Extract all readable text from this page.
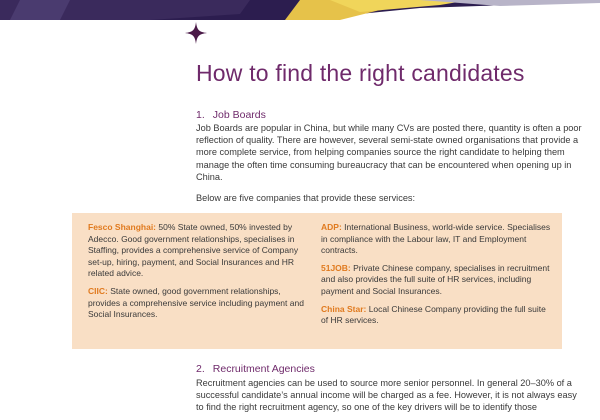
How to find the right candidates

1. Job Boards

Job Boards are popular in China, but while many CVs are posted there, quantity is often a poor reflection of quality. There are however, several semi-state owned organisations that provide a more complete service, from helping companies source the right candidate to helping them manage the often time consuming bureaucracy that can be encountered when opening up in China.

Below are five companies that provide these services:

Fesco Shanghai: 50% State owned, 50% invested by Adecco. Good government relationships, specialises in Staffing, provides a comprehensive service of Company set-up, hiring, payment, and Social Insurances and HR related advice.

CIIC: State owned, good government relationships, provides a comprehensive service including payment and Social Insurances.

ADP: International Business, world-wide service. Specialises in compliance with the Labour law, IT and Employment contracts.

51JOB: Private Chinese company, specialises in recruitment and also provides the full suite of HR services, including payment and Social Insurances.

China Star: Local Chinese Company providing the full suite of HR services.

2. Recruitment Agencies

Recruitment agencies can be used to source more senior personnel. In general 20–30% of a successful candidate’s annual income will be charged as a fee. However, it is not always easy to find the right recruitment agency, so one of the key drivers will be to identify those
